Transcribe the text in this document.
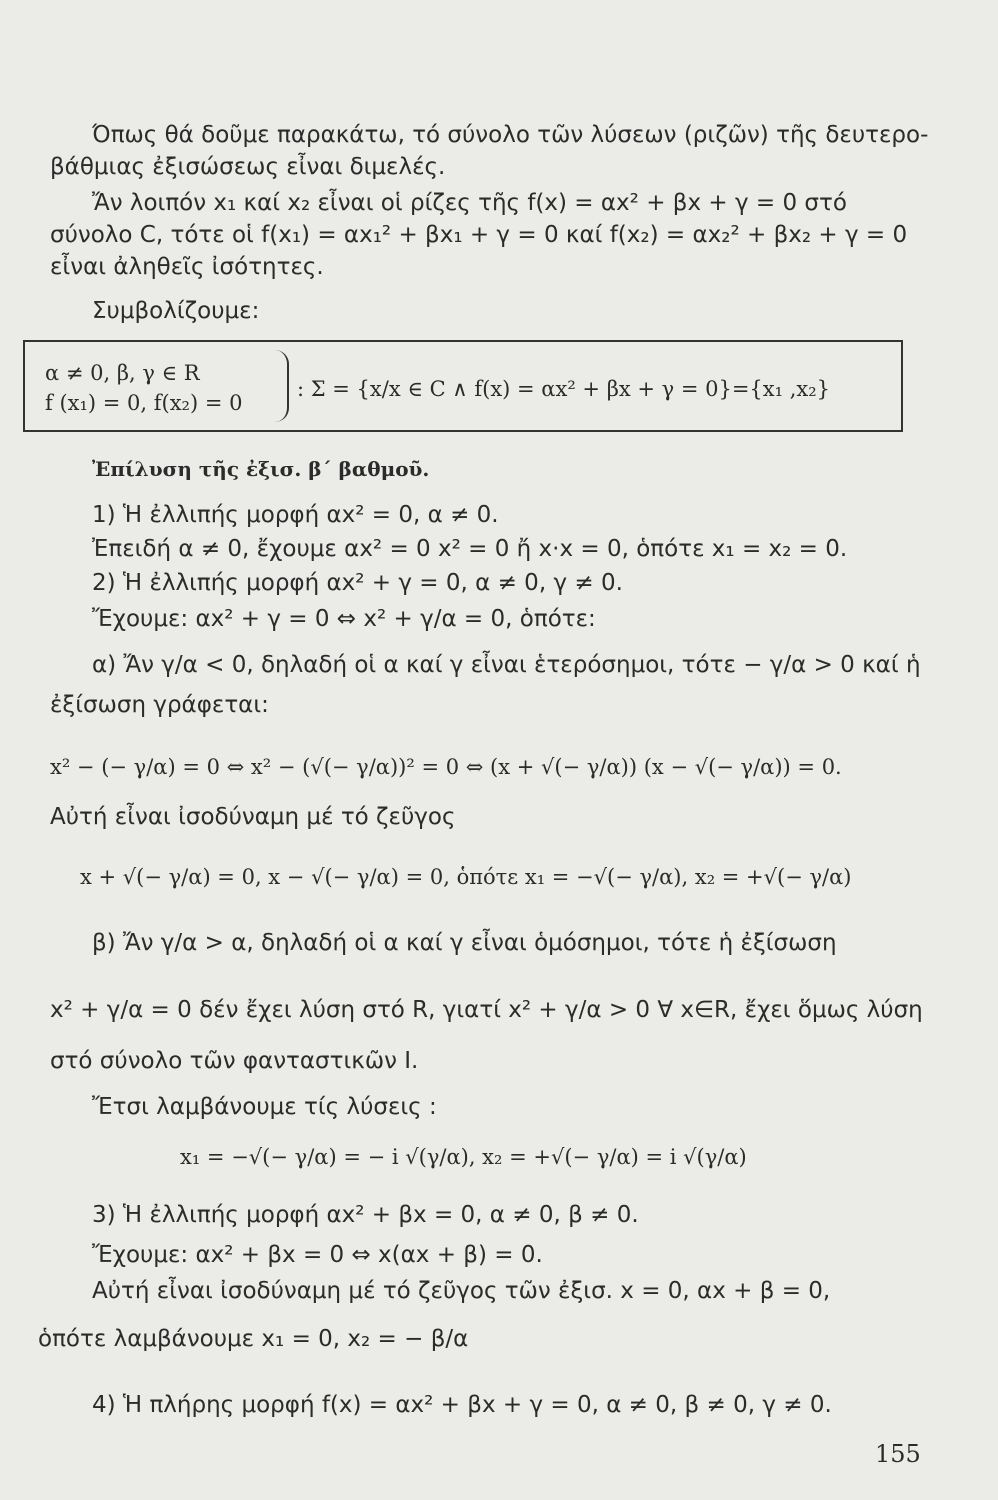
Όπως θά δοῦμε παρακάτω, τό σύνολο τῶν λύσεων (ριζῶν) τῆς δευτερο-
βάθμιας ἐξισώσεως εἶναι διμελές.
Ἄν λοιπόν x₁ καί x₂ εἶναι οἱ ρίζες τῆς f(x) = αx² + βx + γ = 0 στό
σύνολο C, τότε οἱ f(x₁) = αx₁² + βx₁ + γ = 0 καί f(x₂) = αx₂² + βx₂ + γ = 0
εἶναι ἀληθεῖς ἰσότητες.
Συμβολίζουμε:
α ≠ 0, β, γ ∈ R
f (x₁) = 0, f(x₂) = 0
: Σ = {x/x ∈ C ∧ f(x) = αx² + βx + γ = 0}={x₁ ,x₂}
Ἐπίλυση τῆς ἐξισ. β΄ βαθμοῦ.
1) Ἡ ἐλλιπής μορφή αx² = 0, α ≠ 0.
Ἐπειδή α ≠ 0, ἔχουμε αx² = 0 x² = 0 ἤ x·x = 0, ὁπότε x₁ = x₂ = 0.
2) Ἡ ἐλλιπής μορφή αx² + γ = 0, α ≠ 0, γ ≠ 0.
Ἔχουμε: αx² + γ = 0 ⇔ x² + γ/α = 0, ὁπότε:
α) Ἄν γ/α < 0, δηλαδή οἱ α καί γ εἶναι ἑτερόσημοι, τότε − γ/α > 0 καί ἡ
ἐξίσωση γράφεται:
x² − (− γ/α) = 0 ⇔ x² − (√(− γ/α))² = 0 ⇔ (x + √(− γ/α)) (x − √(− γ/α)) = 0.
Αὐτή εἶναι ἰσοδύναμη μέ τό ζεῦγος
x + √(− γ/α) = 0, x − √(− γ/α) = 0, ὁπότε x₁ = −√(− γ/α), x₂ = +√(− γ/α)
β) Ἄν γ/α > α, δηλαδή οἱ α καί γ εἶναι ὁμόσημοι, τότε ἡ ἐξίσωση
x² + γ/α = 0 δέν ἔχει λύση στό R, γιατί x² + γ/α > 0 ∀ x∈R, ἔχει ὅμως λύση
στό σύνολο τῶν φανταστικῶν I.
Ἔτσι λαμβάνουμε τίς λύσεις :
x₁ = −√(− γ/α) = − i √(γ/α), x₂ = +√(− γ/α) = i √(γ/α)
3) Ἡ ἐλλιπής μορφή αx² + βx = 0, α ≠ 0, β ≠ 0.
Ἔχουμε: αx² + βx = 0 ⇔ x(αx + β) = 0.
Αὐτή εἶναι ἰσοδύναμη μέ τό ζεῦγος τῶν ἐξισ. x = 0, αx + β = 0,
ὁπότε λαμβάνουμε x₁ = 0, x₂ = − β/α
4) Ἡ πλήρης μορφή f(x) = αx² + βx + γ = 0, α ≠ 0, β ≠ 0, γ ≠ 0.
155
